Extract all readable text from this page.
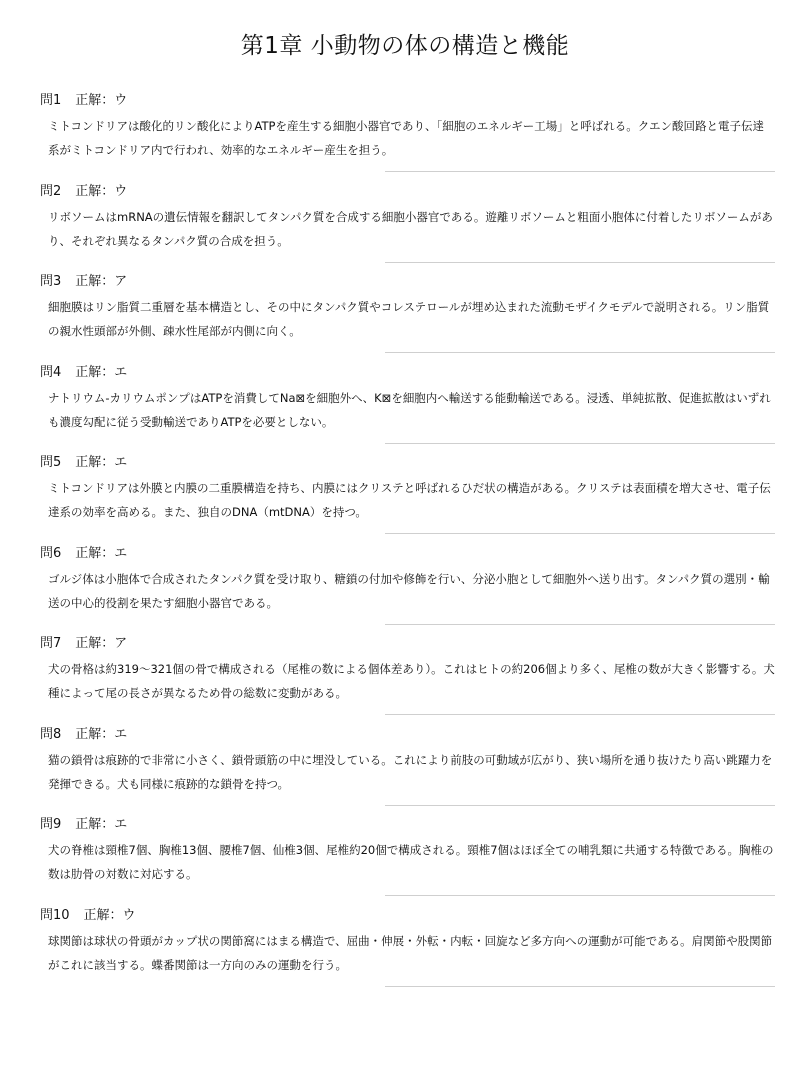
第1章 小動物の体の構造と機能
問1 正解：ウ
ミトコンドリアは酸化的リン酸化によりATPを産生する細胞小器官であり、「細胞のエネルギー工場」と呼ばれる。クエン酸回路と電子伝達系がミトコンドリア内で行われ、効率的なエネルギー産生を担う。
問2 正解：ウ
リボソームはmRNAの遺伝情報を翻訳してタンパク質を合成する細胞小器官である。遊離リボソームと粗面小胞体に付着したリボソームがあり、それぞれ異なるタンパク質の合成を担う。
問3 正解：ア
細胞膜はリン脂質二重層を基本構造とし、その中にタンパク質やコレステロールが埋め込まれた流動モザイクモデルで説明される。リン脂質の親水性頭部が外側、疎水性尾部が内側に向く。
問4 正解：エ
ナトリウム-カリウムポンプはATPを消費してNa⊠を細胞外へ、K⊠を細胞内へ輸送する能動輸送である。浸透、単純拡散、促進拡散はいずれも濃度勾配に従う受動輸送でありATPを必要としない。
問5 正解：エ
ミトコンドリアは外膜と内膜の二重膜構造を持ち、内膜にはクリステと呼ばれるひだ状の構造がある。クリステは表面積を増大させ、電子伝達系の効率を高める。また、独自のDNA（mtDNA）を持つ。
問6 正解：エ
ゴルジ体は小胞体で合成されたタンパク質を受け取り、糖鎖の付加や修飾を行い、分泌小胞として細胞外へ送り出す。タンパク質の選別・輸送の中心的役割を果たす細胞小器官である。
問7 正解：ア
犬の骨格は約319〜321個の骨で構成される（尾椎の数による個体差あり）。これはヒトの約206個より多く、尾椎の数が大きく影響する。犬種によって尾の長さが異なるため骨の総数に変動がある。
問8 正解：エ
猫の鎖骨は痕跡的で非常に小さく、鎖骨頭筋の中に埋没している。これにより前肢の可動域が広がり、狭い場所を通り抜けたり高い跳躍力を発揮できる。犬も同様に痕跡的な鎖骨を持つ。
問9 正解：エ
犬の脊椎は頸椎7個、胸椎13個、腰椎7個、仙椎3個、尾椎約20個で構成される。頸椎7個はほぼ全ての哺乳類に共通する特徴である。胸椎の数は肋骨の対数に対応する。
問10 正解：ウ
球関節は球状の骨頭がカップ状の関節窩にはまる構造で、屈曲・伸展・外転・内転・回旋など多方向への運動が可能である。肩関節や股関節がこれに該当する。蝶番関節は一方向のみの運動を行う。
